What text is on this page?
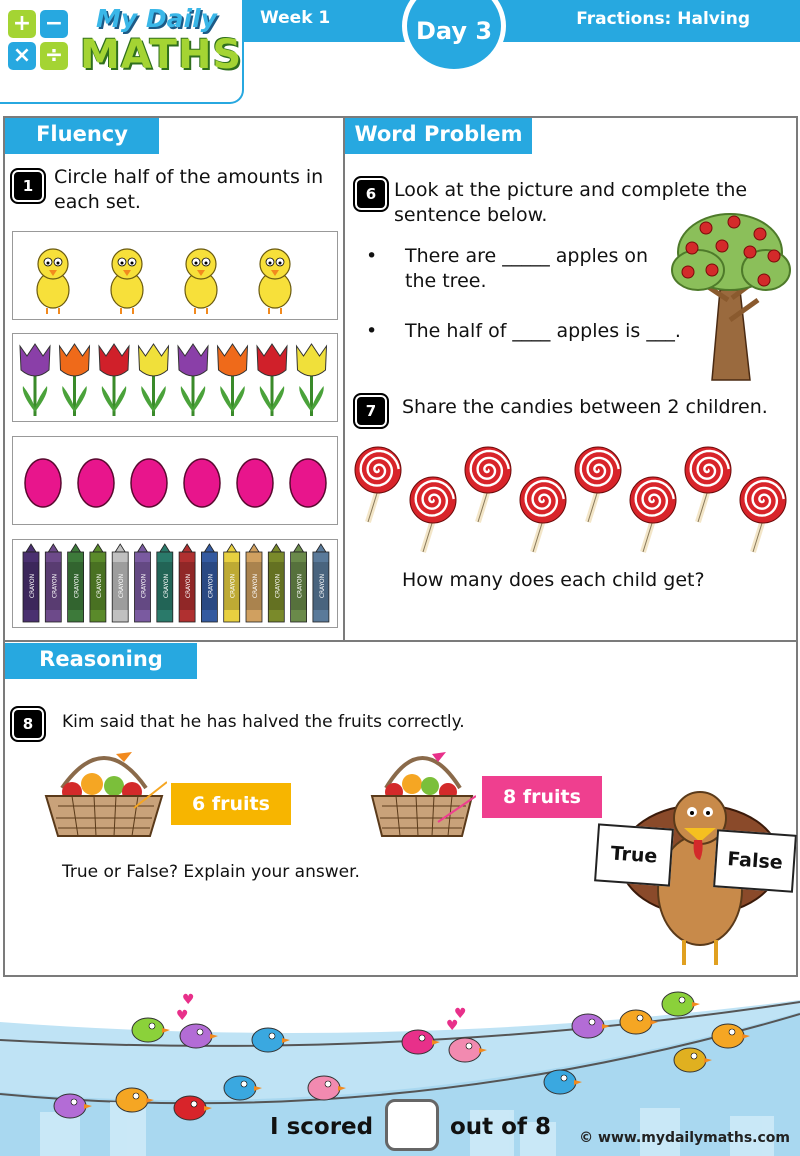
Week 1	Fractions: Halving
Day 3
+ −
× ÷
My Daily
MATHS
Fluency
1	Circle half of the amounts in each set.
CRAYON	CRAYON	CRAYON	CRAYON	CRAYON	CRAYON	CRAYON	CRAYON	CRAYON	CRAYON	CRAYON	CRAYON	CRAYON	CRAYON
Word Problem
6 Look at the picture and complete the sentence below.
• There are _____ apples on the tree.
• The half of ____ apples is ___.
7	Share the candies between 2 children.
How many does each child get?
Reasoning
8	Kim said that he has halved the fruits correctly.
6 fruits	8 fruits
True or False? Explain your answer.
True	False
♥
♥	♥
♥
I scored	out of 8 © www.mydailymaths.com
